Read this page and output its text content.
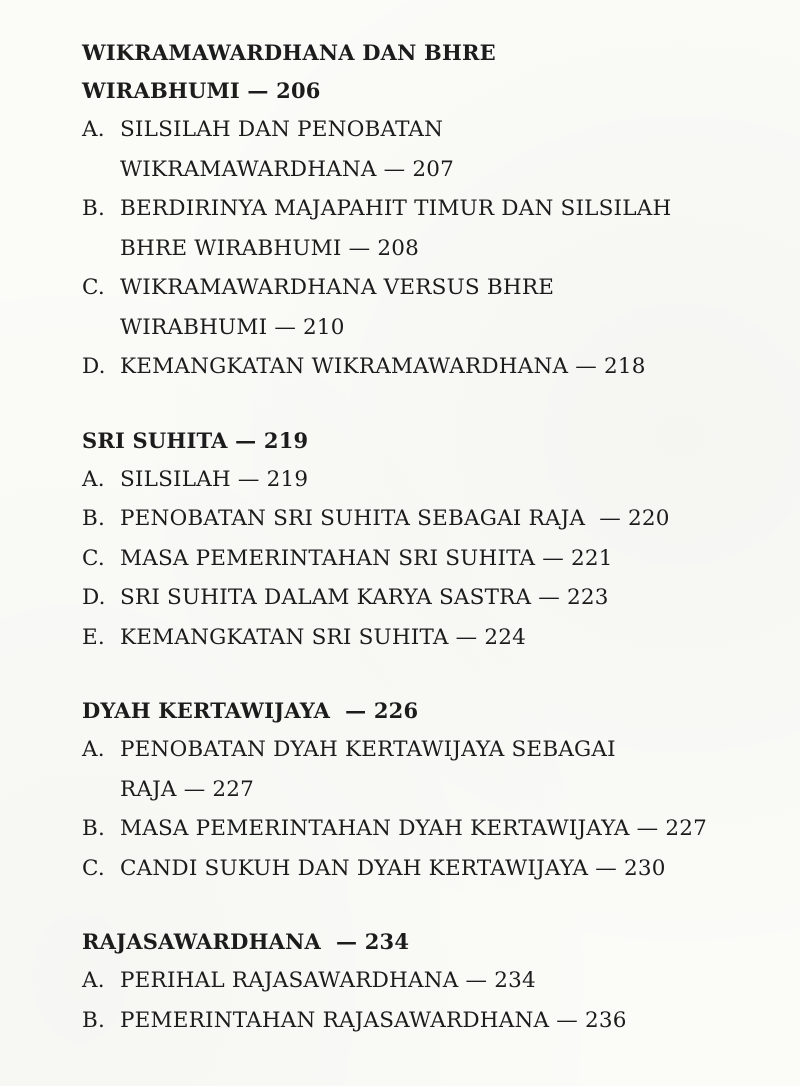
WIKRAMAWARDHANA DAN BHRE
WIRABHUMI — 206
A. SILSILAH DAN PENOBATAN
WIKRAMAWARDHANA — 207
B. BERDIRINYA MAJAPAHIT TIMUR DAN SILSILAH
BHRE WIRABHUMI — 208
C. WIKRAMAWARDHANA VERSUS BHRE
WIRABHUMI — 210
D. KEMANGKATAN WIKRAMAWARDHANA — 218
SRI SUHITA — 219
A. SILSILAH — 219
B. PENOBATAN SRI SUHITA SEBAGAI RAJA  — 220
C. MASA PEMERINTAHAN SRI SUHITA — 221
D. SRI SUHITA DALAM KARYA SASTRA — 223
E. KEMANGKATAN SRI SUHITA — 224
DYAH KERTAWIJAYA  — 226
A. PENOBATAN DYAH KERTAWIJAYA SEBAGAI
RAJA — 227
B. MASA PEMERINTAHAN DYAH KERTAWIJAYA — 227
C. CANDI SUKUH DAN DYAH KERTAWIJAYA — 230
RAJASAWARDHANA  — 234
A. PERIHAL RAJASAWARDHANA — 234
B. PEMERINTAHAN RAJASAWARDHANA — 236
